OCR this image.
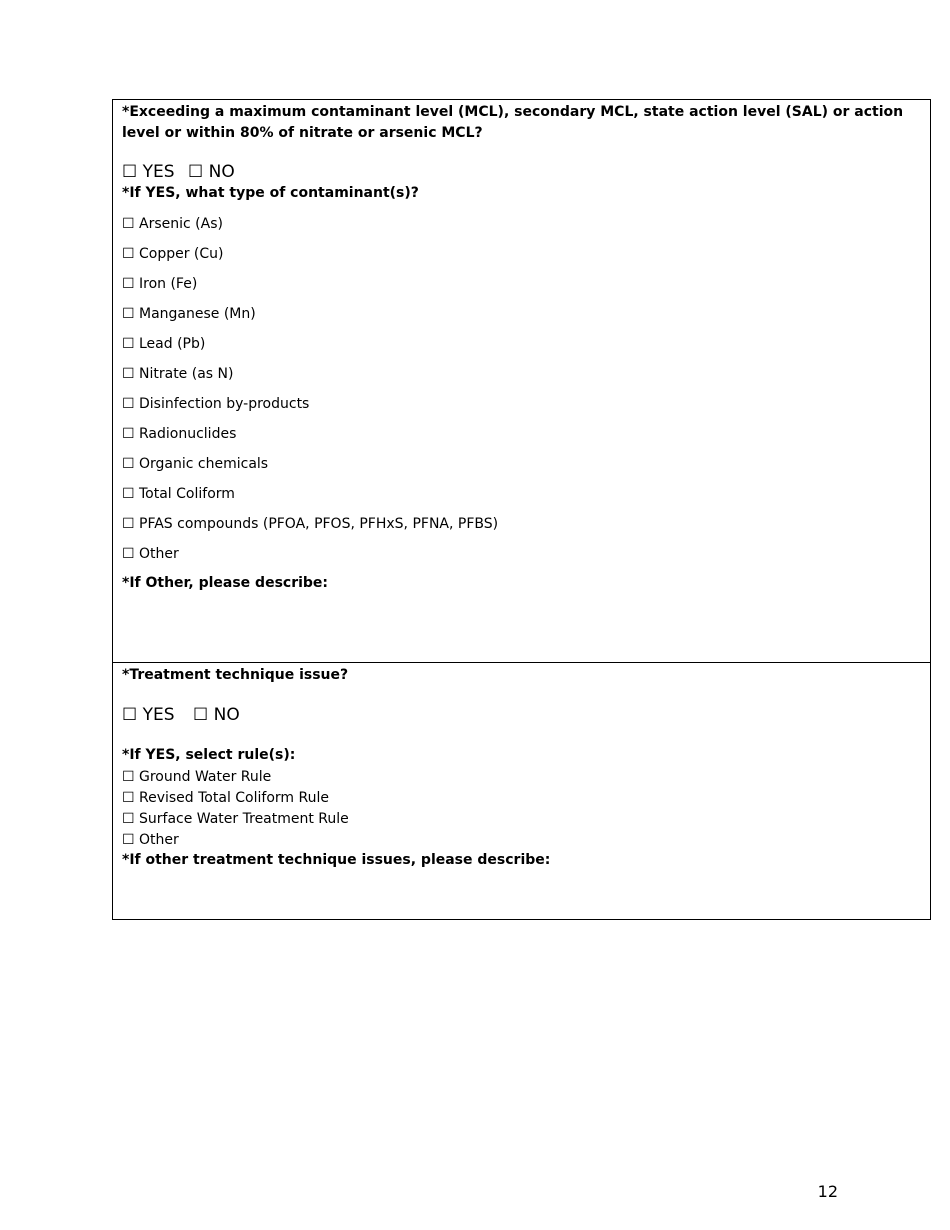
*Exceeding a maximum contaminant level (MCL), secondary MCL, state action level (SAL) or action level or within 80% of nitrate or arsenic MCL?
☐ YES ☐ NO
*If YES, what type of contaminant(s)?
☐ Arsenic (As)
☐ Copper (Cu)
☐ Iron (Fe)
☐ Manganese (Mn)
☐ Lead (Pb)
☐ Nitrate (as N)
☐ Disinfection by-products
☐ Radionuclides
☐ Organic chemicals
☐ Total Coliform
☐ PFAS compounds (PFOA, PFOS, PFHxS, PFNA, PFBS)
☐ Other
*If Other, please describe:
*Treatment technique issue?
☐ YES ☐ NO
*If YES, select rule(s):
☐ Ground Water Rule
☐ Revised Total Coliform Rule
☐ Surface Water Treatment Rule
☐ Other
*If other treatment technique issues, please describe:
12
